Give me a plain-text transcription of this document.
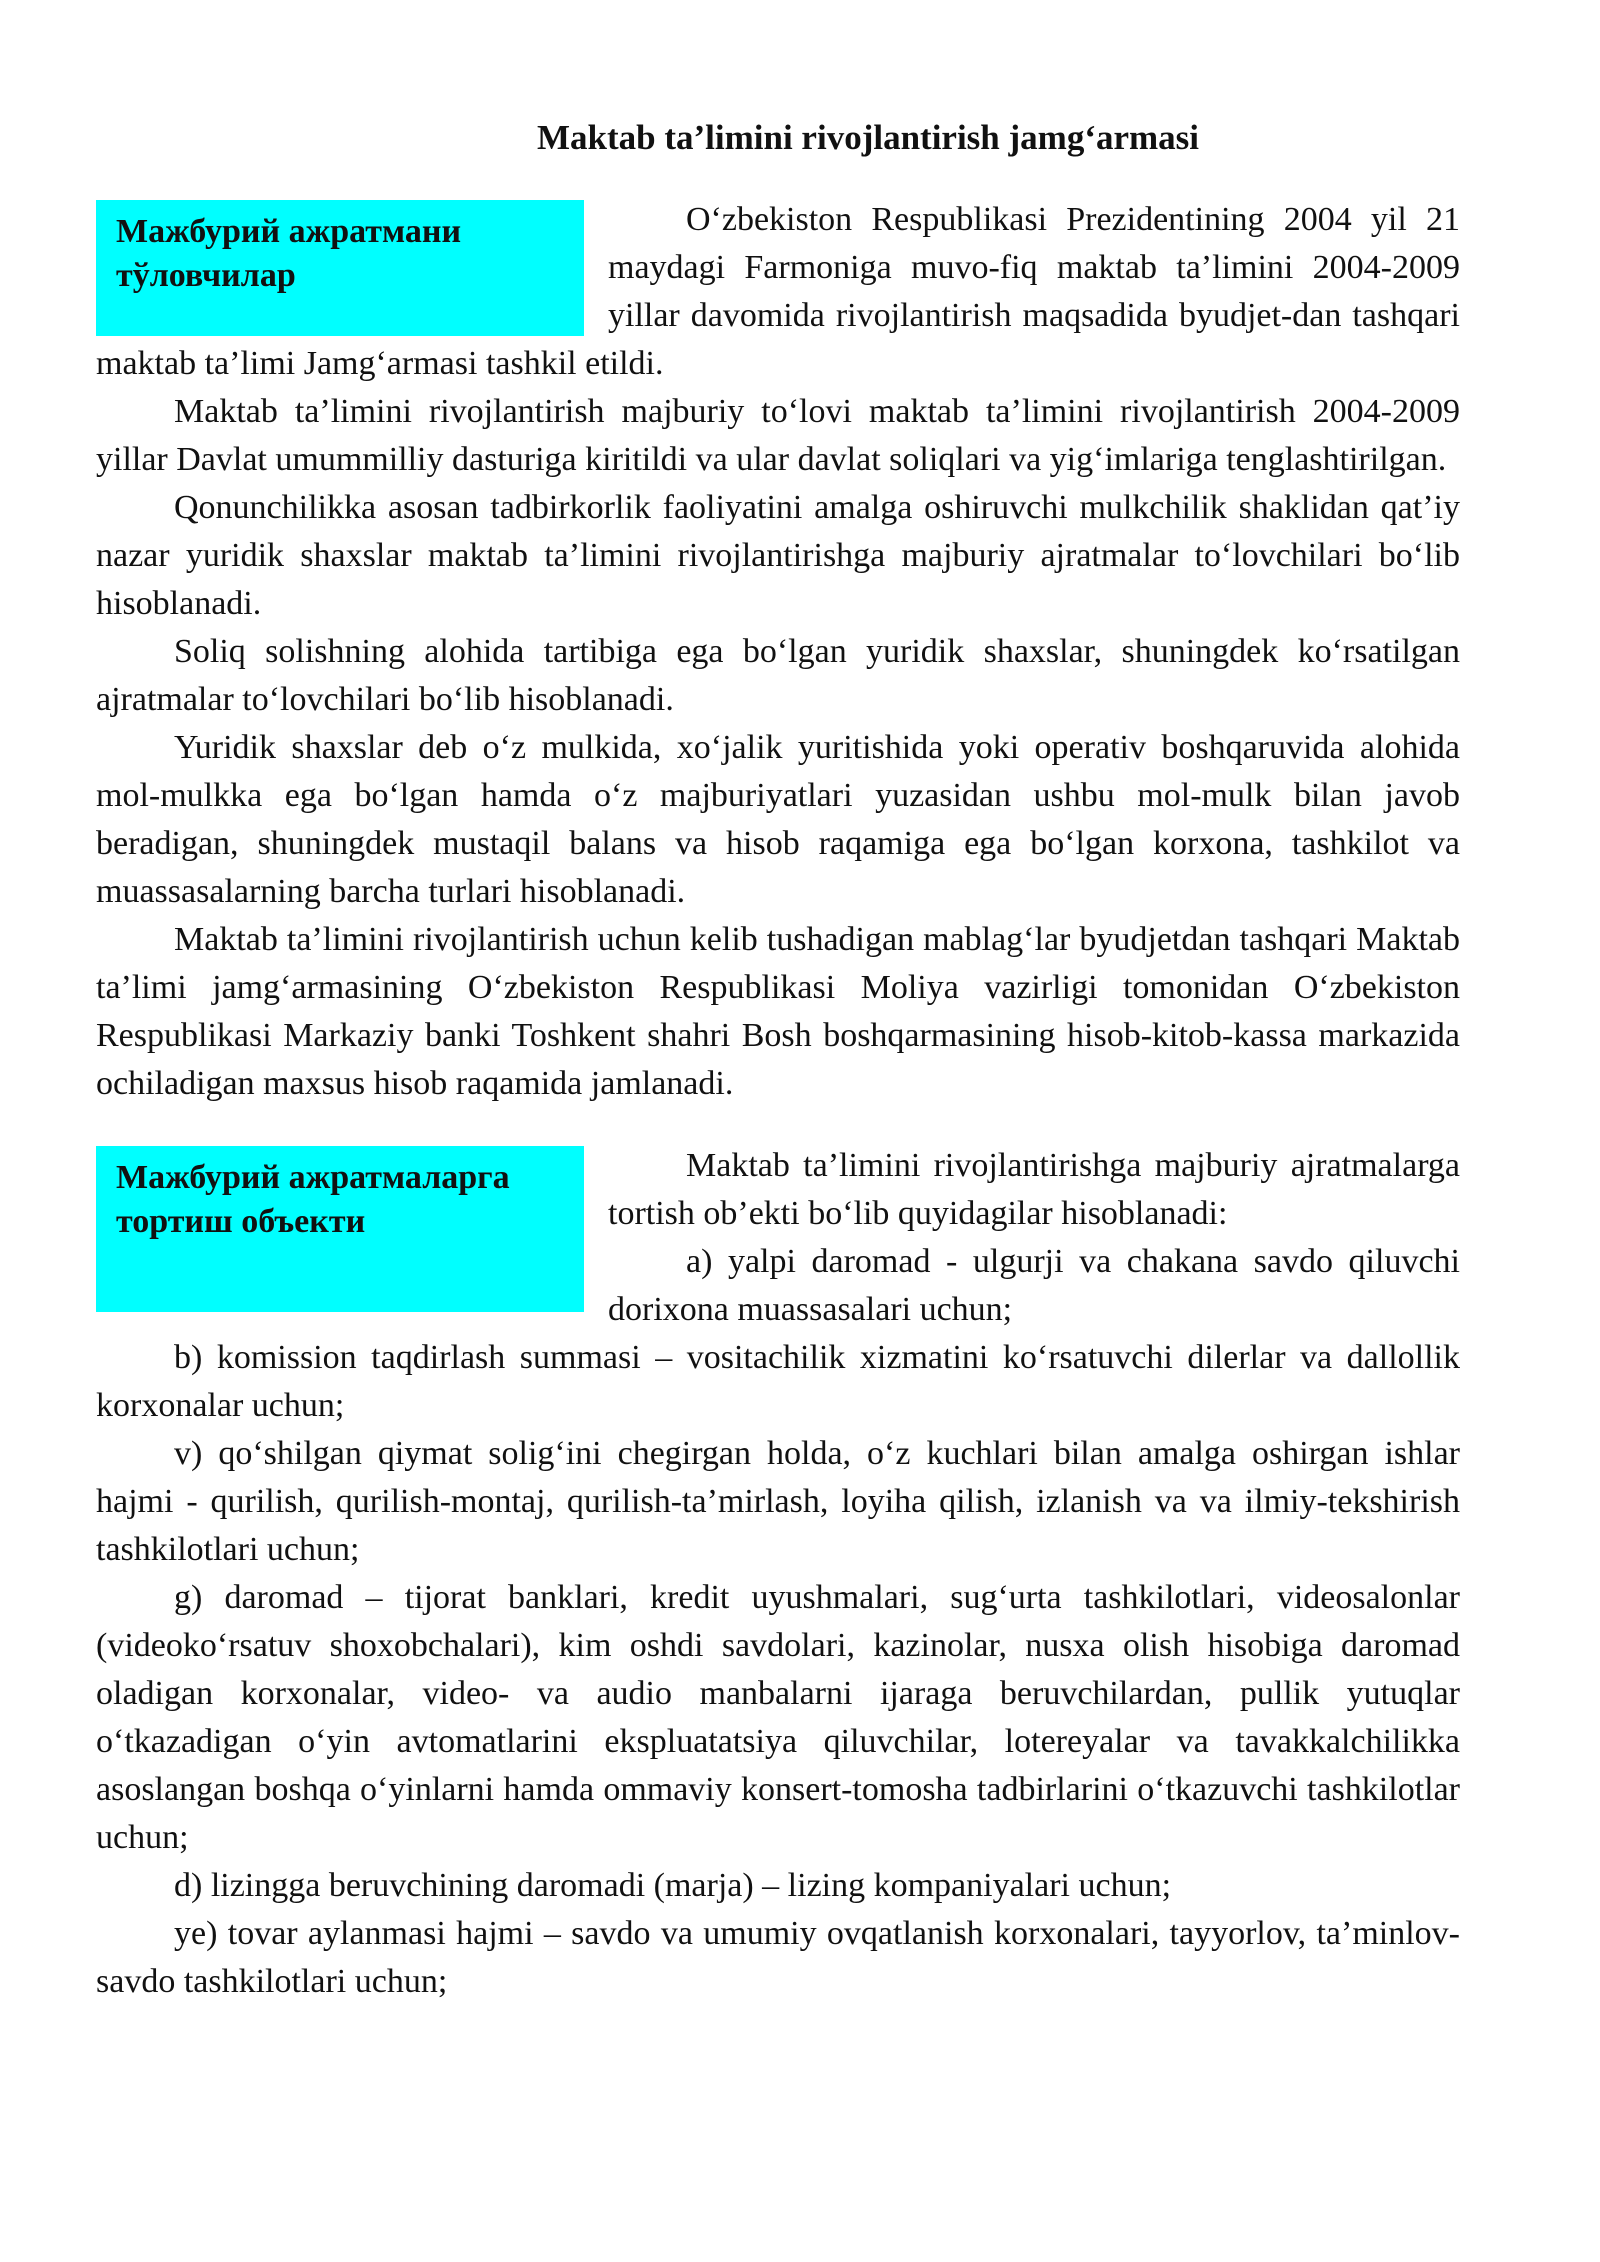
Maktab ta’limini rivojlantirish jamg‘armasi
Мажбурий ажратмани
тўловчилар

O‘zbekiston Respublikasi Prezidentining 2004 yil 21 maydagi Farmoniga muvo-fiq maktab ta’limini 2004-2009 yillar davomida rivojlantirish maqsadida byudjet-dan tashqari maktab ta’limi Jamg‘armasi tashkil etildi.

Maktab ta’limini rivojlantirish majburiy to‘lovi maktab ta’limini rivojlantirish 2004-2009 yillar Davlat umummilliy dasturiga kiritildi va ular davlat soliqlari va yig‘imlariga tenglashtirilgan.

Qonunchilikka asosan tadbirkorlik faoliyatini amalga oshiruvchi mulkchilik shaklidan qat’iy nazar yuridik shaxslar maktab ta’limini rivojlantirishga majburiy ajratmalar to‘lovchilari bo‘lib hisoblanadi.

Soliq solishning alohida tartibiga ega bo‘lgan yuridik shaxslar, shuningdek ko‘rsatilgan ajratmalar to‘lovchilari bo‘lib hisoblanadi.

Yuridik shaxslar deb o‘z mulkida, xo‘jalik yuritishida yoki operativ boshqaruvida alohida mol-mulkka ega bo‘lgan hamda o‘z majburiyatlari yuzasidan ushbu mol-mulk bilan javob beradigan, shuningdek mustaqil balans va hisob raqamiga ega bo‘lgan korxona, tashkilot va muassasalarning barcha turlari hisoblanadi.

Maktab ta’limini rivojlantirish uchun kelib tushadigan mablag‘lar byudjetdan tashqari Maktab ta’limi jamg‘armasining O‘zbekiston Respublikasi Moliya vazirligi tomonidan O‘zbekiston Respublikasi Markaziy banki Toshkent shahri Bosh boshqarmasining hisob-kitob-kassa markazida ochiladigan maxsus hisob raqamida jamlanadi.

Мажбурий ажратмаларга
тортиш объекти

Maktab ta’limini rivojlantirishga majburiy ajratmalarga tortish ob’ekti bo‘lib quyidagilar hisoblanadi:

a) yalpi daromad - ulgurji va chakana savdo qiluvchi dorixona muassasalari uchun;

b) komission taqdirlash summasi – vositachilik xizmatini ko‘rsatuvchi dilerlar va dallollik korxonalar uchun;

v) qo‘shilgan qiymat solig‘ini chegirgan holda, o‘z kuchlari bilan amalga oshirgan ishlar hajmi - qurilish, qurilish-montaj, qurilish-ta’mirlash, loyiha qilish, izlanish va va ilmiy-tekshirish tashkilotlari uchun;

g) daromad – tijorat banklari, kredit uyushmalari, sug‘urta tashkilotlari, videosalonlar (videoko‘rsatuv shoxobchalari), kim oshdi savdolari, kazinolar, nusxa olish hisobiga daromad oladigan korxonalar, video- va audio manbalarni ijaraga beruvchilardan, pullik yutuqlar o‘tkazadigan o‘yin avtomatlarini ekspluatatsiya qiluvchilar, lotereyalar va tavakkalchilikka asoslangan boshqa o‘yinlarni hamda ommaviy konsert-tomosha tadbirlarini o‘tkazuvchi tashkilotlar uchun;

d) lizingga beruvchining daromadi (marja) – lizing kompaniyalari uchun;

ye) tovar aylanmasi hajmi – savdo va umumiy ovqatlanish korxonalari, tayyorlov, ta’minlov-savdo tashkilotlari uchun;
